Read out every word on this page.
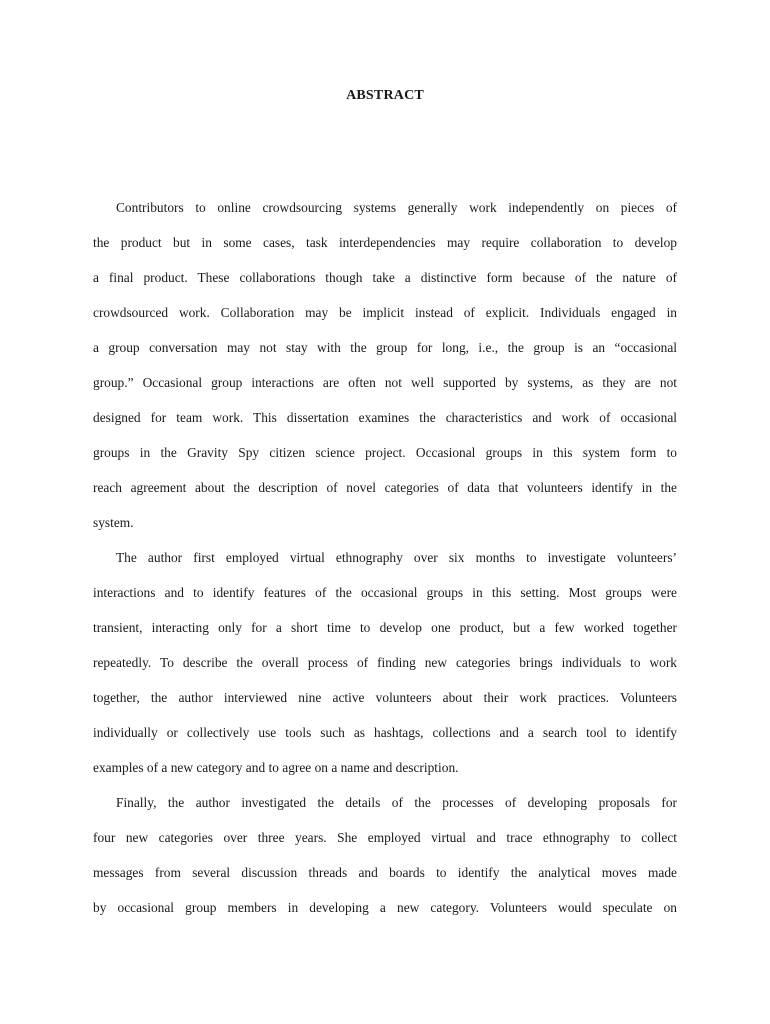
ABSTRACT
Contributors to online crowdsourcing systems generally work independently on pieces of
the product but in some cases, task interdependencies may require collaboration to develop
a final product. These collaborations though take a distinctive form because of the nature of
crowdsourced work. Collaboration may be implicit instead of explicit. Individuals engaged in
a group conversation may not stay with the group for long, i.e., the group is an “occasional
group.” Occasional group interactions are often not well supported by systems, as they are not
designed for team work. This dissertation examines the characteristics and work of occasional
groups in the Gravity Spy citizen science project. Occasional groups in this system form to
reach agreement about the description of novel categories of data that volunteers identify in the
system.
The author first employed virtual ethnography over six months to investigate volunteers’
interactions and to identify features of the occasional groups in this setting. Most groups were
transient, interacting only for a short time to develop one product, but a few worked together
repeatedly. To describe the overall process of finding new categories brings individuals to work
together, the author interviewed nine active volunteers about their work practices. Volunteers
individually or collectively use tools such as hashtags, collections and a search tool to identify
examples of a new category and to agree on a name and description.
Finally, the author investigated the details of the processes of developing proposals for
four new categories over three years. She employed virtual and trace ethnography to collect
messages from several discussion threads and boards to identify the analytical moves made
by occasional group members in developing a new category. Volunteers would speculate on
